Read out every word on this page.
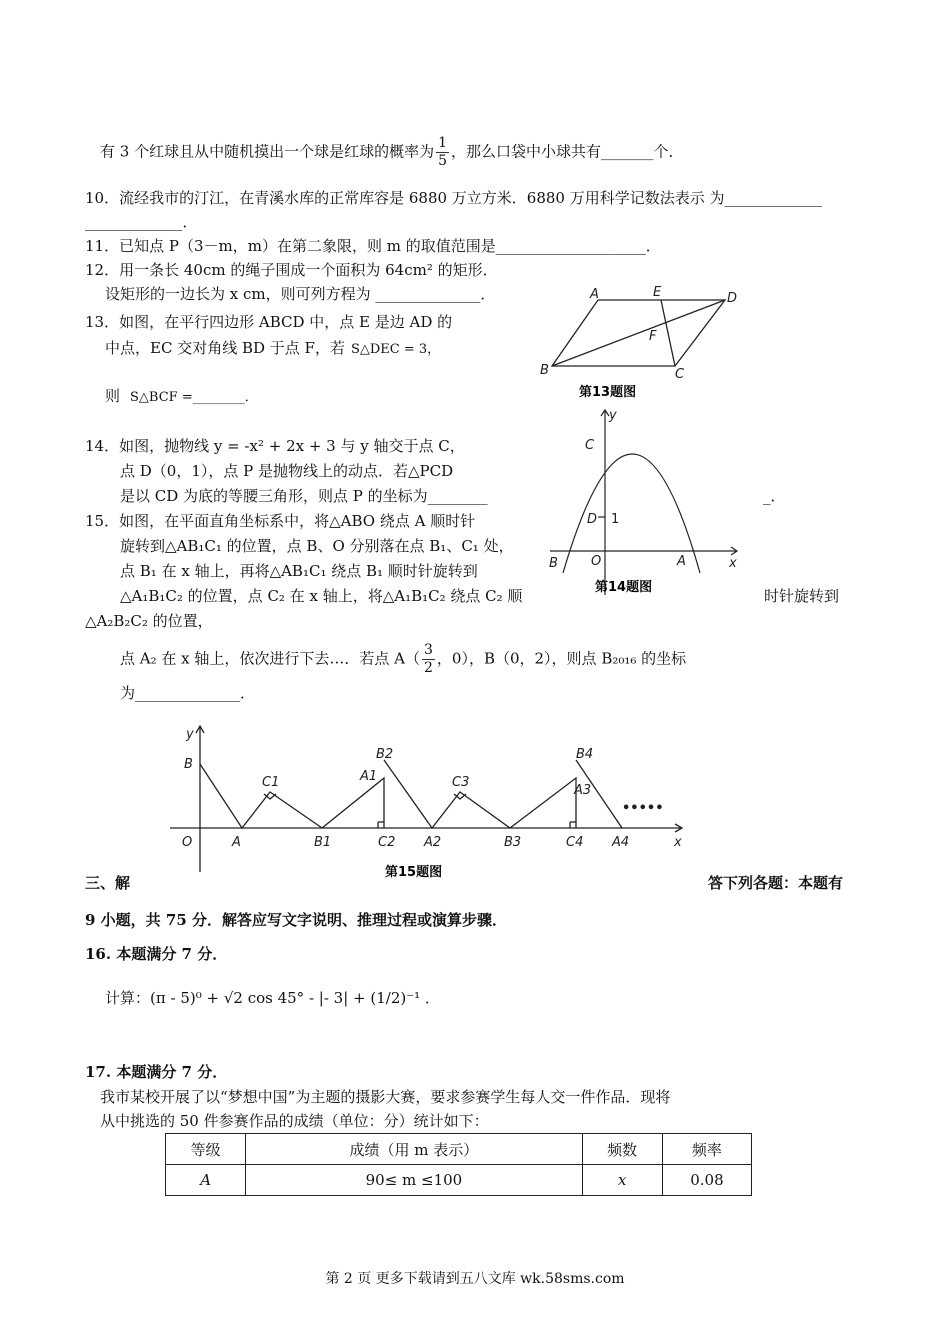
有 3 个红球且从中随机摸出一个球是红球的概率为 $\frac{1}{5}$ ，那么口袋中小球共有_______个．
10．流经我市的汀江，在青溪水库的正常库容是 6880 万立方米．6880 万用科学记数法表示 为_____________
_____________．
11．已知点 P（3－m，m）在第二象限，则 m 的取值范围是____________________．
12．用一条长 40cm 的绳子围成一个面积为 64cm² 的矩形．
设矩形的一边长为 x cm，则可列方程为 ______________．
13．如图，在平行四边形 ABCD 中，点 E 是边 AD 的
中点，EC 交对角线 BD 于点 F，若 S△DEC = 3，
则 S△BCF =________．
A	E	D
F
B	C
第13题图
14．如图，抛物线 y = -x² + 2x + 3 与 y 轴交于点 C，
点 D（0，1），点 P 是抛物线上的动点．若△PCD
是以 CD 为底的等腰三角形，则点 P 的坐标为________	_．
y
C
D 1
B	O	A	x
第14题图
15．如图，在平面直角坐标系中，将△ABO 绕点 A 顺时针
旋转到△AB₁C₁ 的位置，点 B、O 分别落在点 B₁、C₁ 处，
点 B₁ 在 x 轴上，再将△AB₁C₁ 绕点 B₁ 顺时针旋转到
△A₁B₁C₂ 的位置，点 C₂ 在 x 轴上，将△A₁B₁C₂ 绕点 C₂ 顺	时针旋转到
△A₂B₂C₂ 的位置，
点 A₂ 在 x 轴上，依次进行下去…．若点 $A( \frac{3}{2}$ ，0），B（0，2），则点 B₂₀₁₆ 的坐标
为______________．
y
B
O	A
C1
B1
A1
B2
C2 A2
C3
B3	C4
B4
A3
A4	x
•••••
第15题图
三、解	答下列各题：本题有
9 小题，共 75 分．解答应写文字说明、推理过程或演算步骤．
16. 本题满分 7 分．
计算：(π - 5)⁰ + √2 cos 45° - |- 3| + (1/2)⁻¹ ．
17. 本题满分 7 分．
我市某校开展了以“梦想中国”为主题的摄影大赛，要求参赛学生每人交一件作品．现将
从中挑选的 50 件参赛作品的成绩（单位：分）统计如下：
等级	成绩（用 m 表示）	频数	频率
A	90≤ m ≤100	x	0.08
第 2 页 更多下载请到五八文库 wk.58sms.com
